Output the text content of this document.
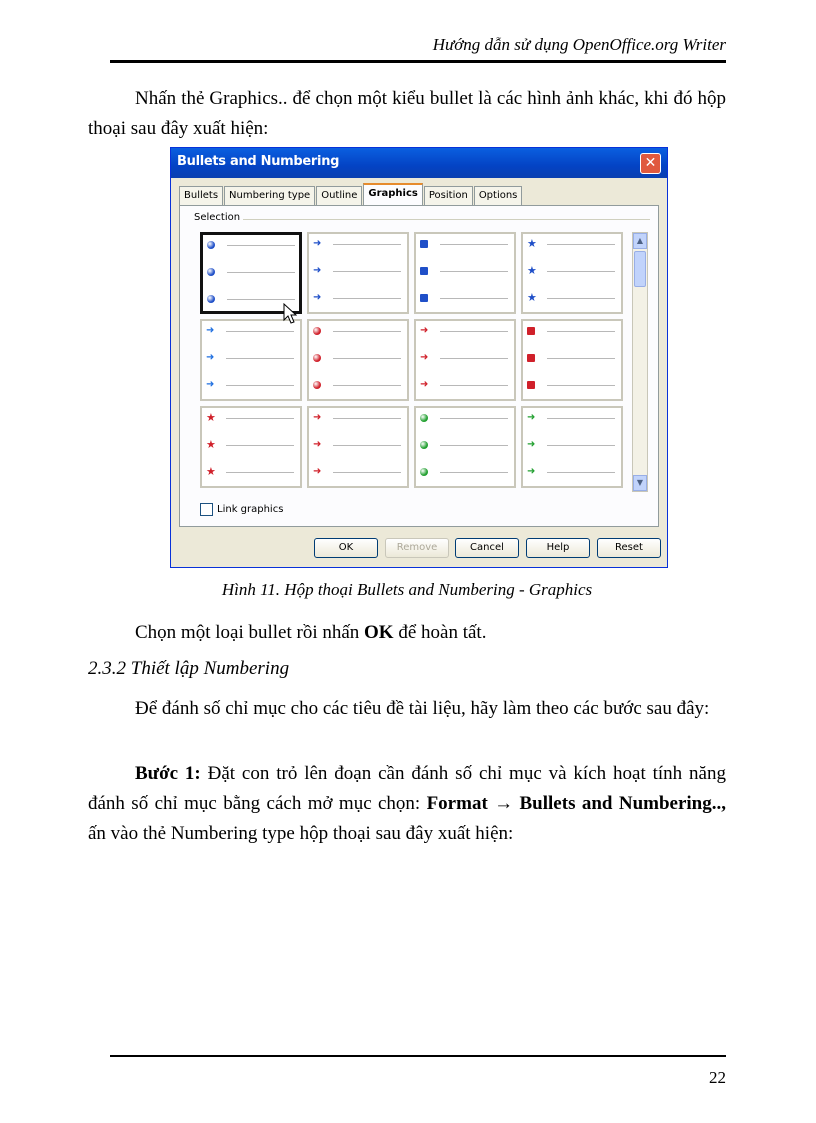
Hướng dẫn sử dụng OpenOffice.org Writer
Nhấn thẻ Graphics.. để chọn một kiểu bullet là các hình ảnh khác, khi đó hộp thoại sau đây xuất hiện:
Bullets and Numbering	✕
Bullets	Numbering type	Outline	Graphics	Position	Options
Selection
➜
➜
➜
★
★
★
➜
➜
➜
➜
➜
➜
★
★
★
➜
➜
➜
➜
➜
➜
▲
▼
Link graphics
OK	Remove	Cancel	Help	Reset
Hình 11. Hộp thoại Bullets and Numbering - Graphics
Chọn một loại bullet rồi nhấn OK để hoàn tất.
2.3.2 Thiết lập Numbering
Để đánh số chỉ mục cho các tiêu đề tài liệu, hãy làm theo các bước sau đây:
Bước 1: Đặt con trỏ lên đoạn cần đánh số chỉ mục và kích hoạt tính năng đánh số chỉ mục bằng cách mở mục chọn: Format → Bullets and Numbering.., ấn vào thẻ Numbering type hộp thoại sau đây xuất hiện:
22
